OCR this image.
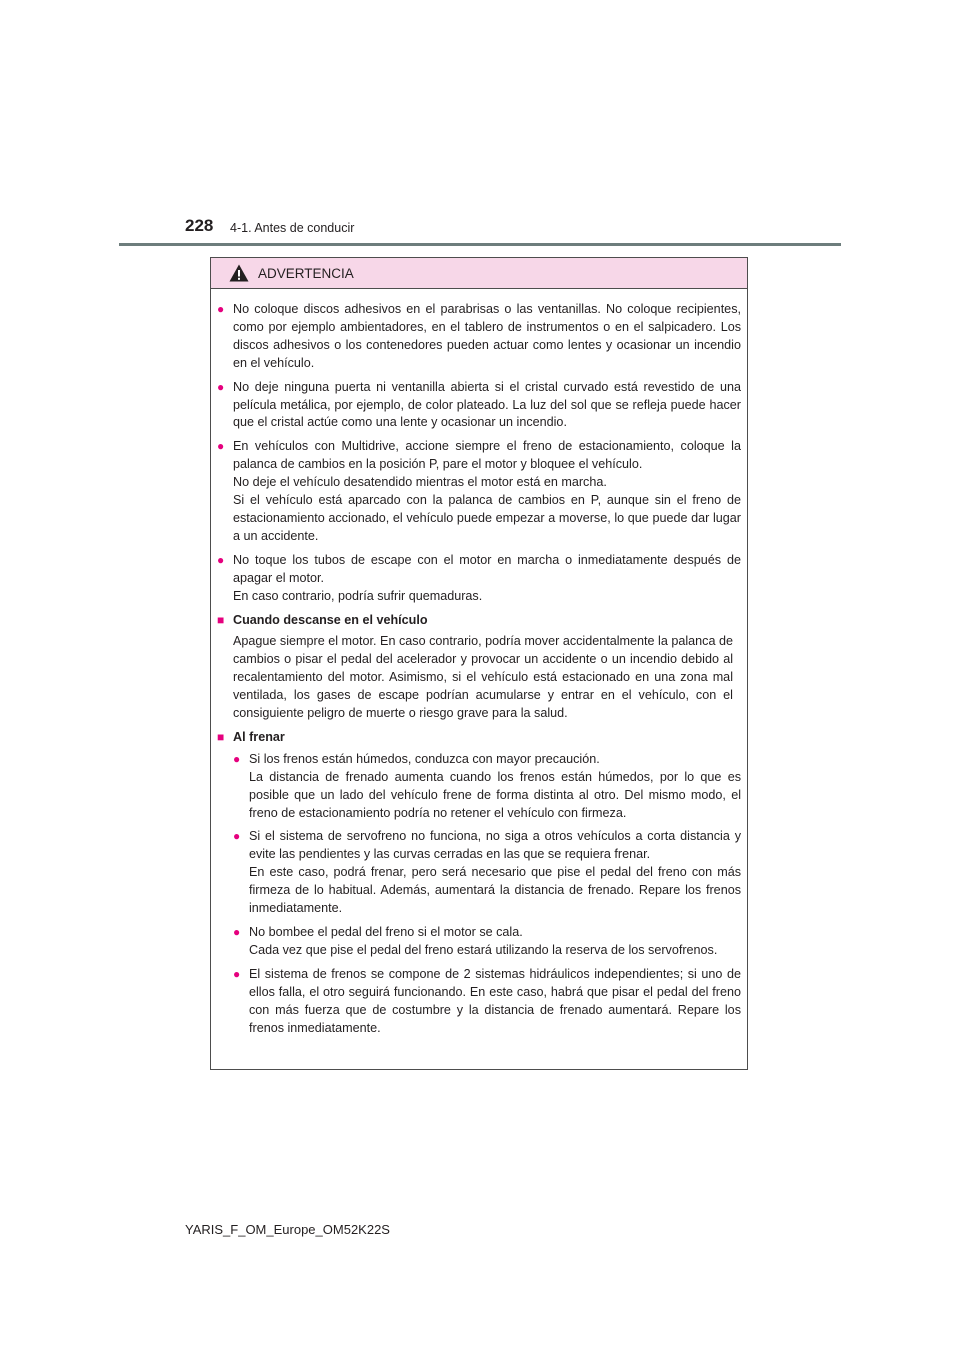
228 4-1. Antes de conducir
ADVERTENCIA
● No coloque discos adhesivos en el parabrisas o las ventanillas. No coloque recipientes, como por ejemplo ambientadores, en el tablero de instrumentos o en el salpicadero. Los discos adhesivos o los contenedores pueden actuar como lentes y ocasionar un incendio en el vehículo.

● No deje ninguna puerta ni ventanilla abierta si el cristal curvado está revestido de una película metálica, por ejemplo, de color plateado. La luz del sol que se refleja puede hacer que el cristal actúe como una lente y ocasionar un incendio.

● En vehículos con Multidrive, accione siempre el freno de estacionamiento, coloque la palanca de cambios en la posición P, pare el motor y bloquee el vehículo.

No deje el vehículo desatendido mientras el motor está en marcha.

Si el vehículo está aparcado con la palanca de cambios en P, aunque sin el freno de estacionamiento accionado, el vehículo puede empezar a moverse, lo que puede dar lugar a un accidente.

● No toque los tubos de escape con el motor en marcha o inmediatamente después de apagar el motor.

En caso contrario, podría sufrir quemaduras.

■ Cuando descanse en el vehículo
Apague siempre el motor. En caso contrario, podría mover accidentalmente la palanca de cambios o pisar el pedal del acelerador y provocar un accidente o un incendio debido al recalentamiento del motor. Asimismo, si el vehículo está estacionado en una zona mal ventilada, los gases de escape podrían acumularse y entrar en el vehículo, con el consiguiente peligro de muerte o riesgo grave para la salud.
■ Al frenar
● Si los frenos están húmedos, conduzca con mayor precaución.

La distancia de frenado aumenta cuando los frenos están húmedos, por lo que es posible que un lado del vehículo frene de forma distinta al otro. Del mismo modo, el freno de estacionamiento podría no retener el vehículo con firmeza.

● Si el sistema de servofreno no funciona, no siga a otros vehículos a corta distancia y evite las pendientes y las curvas cerradas en las que se requiera frenar.

En este caso, podrá frenar, pero será necesario que pise el pedal del freno con más firmeza de lo habitual. Además, aumentará la distancia de frenado. Repare los frenos inmediatamente.

● No bombee el pedal del freno si el motor se cala.

Cada vez que pise el pedal del freno estará utilizando la reserva de los servofrenos.

● El sistema de frenos se compone de 2 sistemas hidráulicos independientes; si uno de ellos falla, el otro seguirá funcionando. En este caso, habrá que pisar el pedal del freno con más fuerza que de costumbre y la distancia de frenado aumentará. Repare los frenos inmediatamente.

YARIS_F_OM_Europe_OM52K22S
